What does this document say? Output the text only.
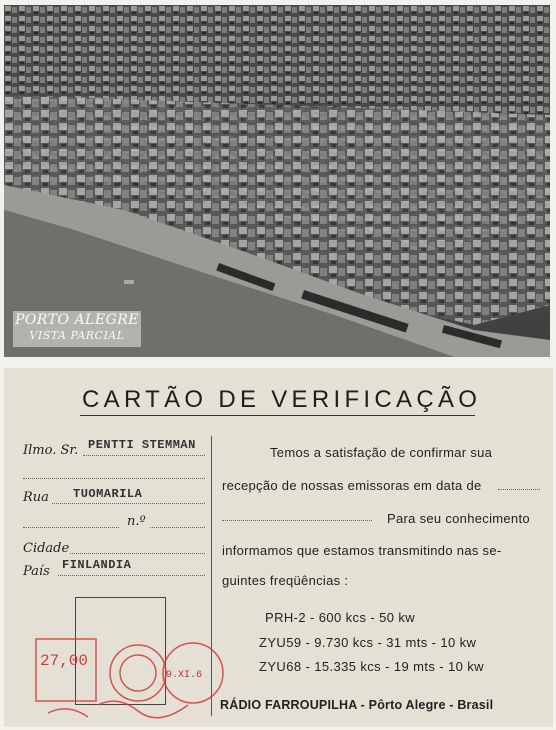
PORTO ALEGRE
VISTA PARCIAL
CARTÃO DE VERIFICAÇÃO
Ilmo. Sr. PENTTI STEMMAN
Rua TUOMARILA
n.º
Cidade
País FINLANDIA
27,00
9.XI.6
Temos a satisfação de confirmar sua
recepção de nossas emissoras em data de
Para seu conhecimento
informamos que estamos transmitindo nas se-
guintes freqüências :
PRH-2 - 600 kcs - 50 kw
ZYU59 - 9.730 kcs - 31 mts - 10 kw
ZYU68 - 15.335 kcs - 19 mts - 10 kw
RÁDIO FARROUPILHA - Pôrto Alegre - Brasil
